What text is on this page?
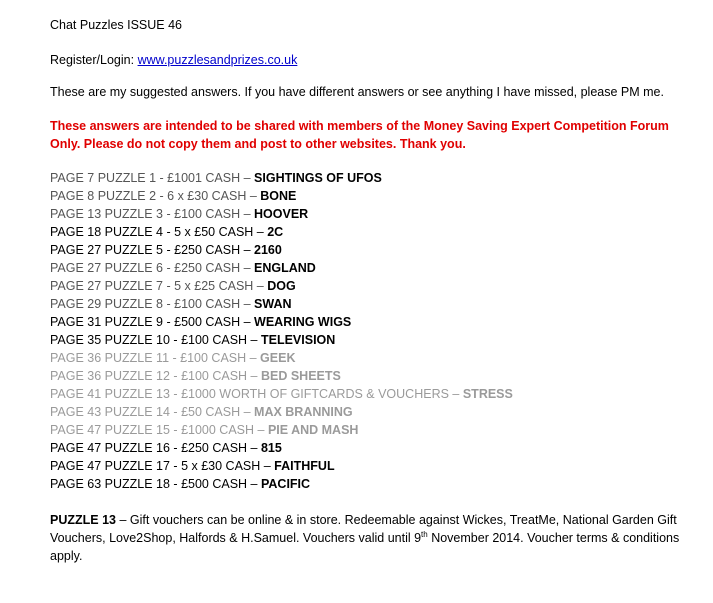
Chat Puzzles ISSUE 46
Register/Login: www.puzzlesandprizes.co.uk
These are my suggested answers. If you have different answers or see anything I have missed, please PM me.
These answers are intended to be shared with members of the Money Saving Expert Competition Forum Only. Please do not copy them and post to other websites. Thank you.
PAGE 7 PUZZLE 1 - £1001 CASH – SIGHTINGS OF UFOS
PAGE 8 PUZZLE 2 - 6 x £30 CASH – BONE
PAGE 13 PUZZLE 3 - £100 CASH – HOOVER
PAGE 18 PUZZLE 4 - 5 x £50 CASH – 2C
PAGE 27 PUZZLE 5 - £250 CASH – 2160
PAGE 27 PUZZLE 6 - £250 CASH – ENGLAND
PAGE 27 PUZZLE 7 - 5 x £25 CASH – DOG
PAGE 29 PUZZLE 8 - £100 CASH – SWAN
PAGE 31 PUZZLE 9 - £500 CASH – WEARING WIGS
PAGE 35 PUZZLE 10 - £100 CASH – TELEVISION
PAGE 36 PUZZLE 11 - £100 CASH – GEEK
PAGE 36 PUZZLE 12 - £100 CASH – BED SHEETS
PAGE 41 PUZZLE 13 - £1000 WORTH OF GIFTCARDS & VOUCHERS – STRESS
PAGE 43 PUZZLE 14 - £50 CASH – MAX BRANNING
PAGE 47 PUZZLE 15 - £1000 CASH – PIE AND MASH
PAGE 47 PUZZLE 16 - £250 CASH – 815
PAGE 47 PUZZLE 17 - 5 x £30 CASH – FAITHFUL
PAGE 63 PUZZLE 18 - £500 CASH – PACIFIC
PUZZLE 13 – Gift vouchers can be online & in store. Redeemable against Wickes, TreatMe, National Garden Gift Vouchers, Love2Shop, Halfords & H.Samuel. Vouchers valid until 9th November 2014. Voucher terms & conditions apply.
